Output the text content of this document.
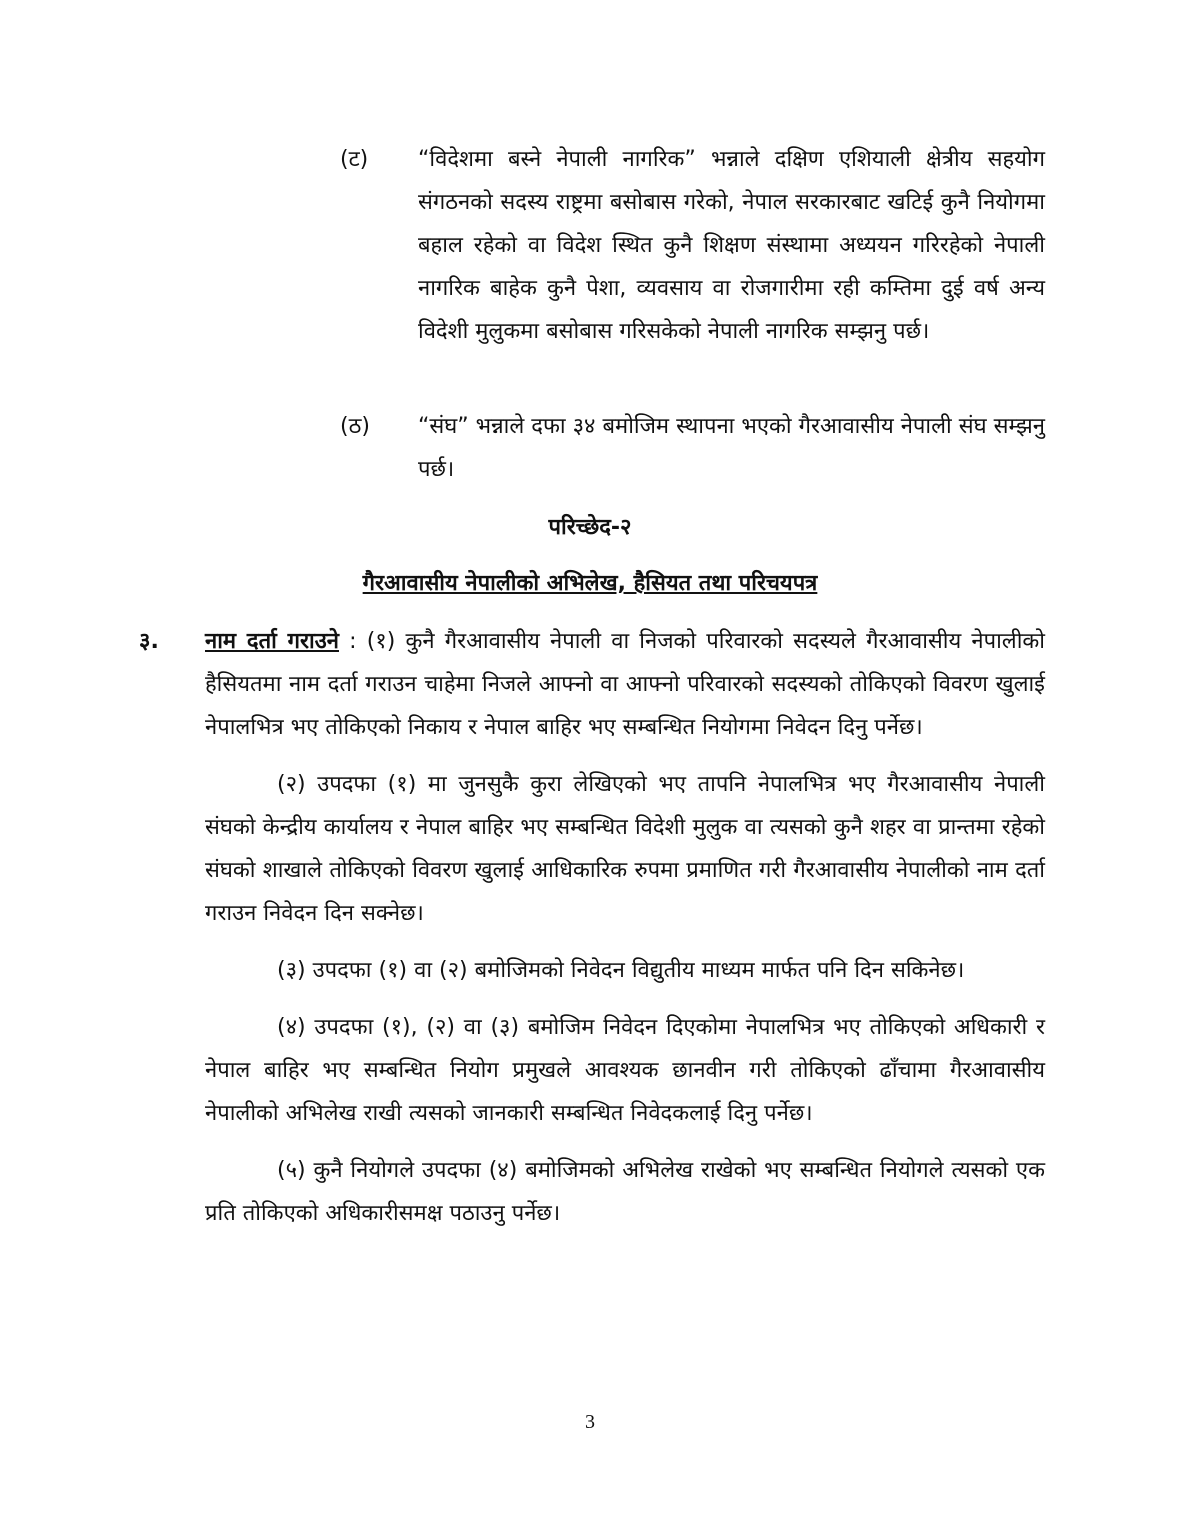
(ट) “विदेशमा बस्ने नेपाली नागरिक” भन्नाले दक्षिण एशियाली क्षेत्रीय सहयोग संगठनको सदस्य राष्ट्रमा बसोबास गरेको, नेपाल सरकारबाट खटिई कुनै नियोगमा बहाल रहेको वा विदेश स्थित कुनै शिक्षण संस्थामा अध्ययन गरिरहेको नेपाली नागरिक बाहेक कुनै पेशा, व्यवसाय वा रोजगारीमा रही कम्तिमा दुई वर्ष अन्य विदेशी मुलुकमा बसोबास गरिसकेको नेपाली नागरिक सम्झनु पर्छ।
(ठ) “संघ” भन्नाले दफा ३४ बमोजिम स्थापना भएको गैरआवासीय नेपाली संघ सम्झनु पर्छ।
परिच्छेद-२
गैरआवासीय नेपालीको अभिलेख, हैसियत तथा परिचयपत्र
३. नाम दर्ता गराउने : (१) कुनै गैरआवासीय नेपाली वा निजको परिवारको सदस्यले गैरआवासीय नेपालीको हैसियतमा नाम दर्ता गराउन चाहेमा निजले आफ्नो वा आफ्नो परिवारको सदस्यको तोकिएको विवरण खुलाई नेपालभित्र भए तोकिएको निकाय र नेपाल बाहिर भए सम्बन्धित नियोगमा निवेदन दिनु पर्नेछ।

(२) उपदफा (१) मा जुनसुकै कुरा लेखिएको भए तापनि नेपालभित्र भए गैरआवासीय नेपाली संघको केन्द्रीय कार्यालय र नेपाल बाहिर भए सम्बन्धित विदेशी मुलुक वा त्यसको कुनै शहर वा प्रान्तमा रहेको संघको शाखाले तोकिएको विवरण खुलाई आधिकारिक रुपमा प्रमाणित गरी गैरआवासीय नेपालीको नाम दर्ता गराउन निवेदन दिन सक्नेछ।

(३) उपदफा (१) वा (२) बमोजिमको निवेदन विद्युतीय माध्यम मार्फत पनि दिन सकिनेछ।

(४) उपदफा (१), (२) वा (३) बमोजिम निवेदन दिएकोमा नेपालभित्र भए तोकिएको अधिकारी र नेपाल बाहिर भए सम्बन्धित नियोग प्रमुखले आवश्यक छानवीन गरी तोकिएको ढाँचामा गैरआवासीय नेपालीको अभिलेख राखी त्यसको जानकारी सम्बन्धित निवेदकलाई दिनु पर्नेछ।

(५) कुनै नियोगले उपदफा (४) बमोजिमको अभिलेख राखेको भए सम्बन्धित नियोगले त्यसको एक प्रति तोकिएको अधिकारीसमक्ष पठाउनु पर्नेछ।

3
